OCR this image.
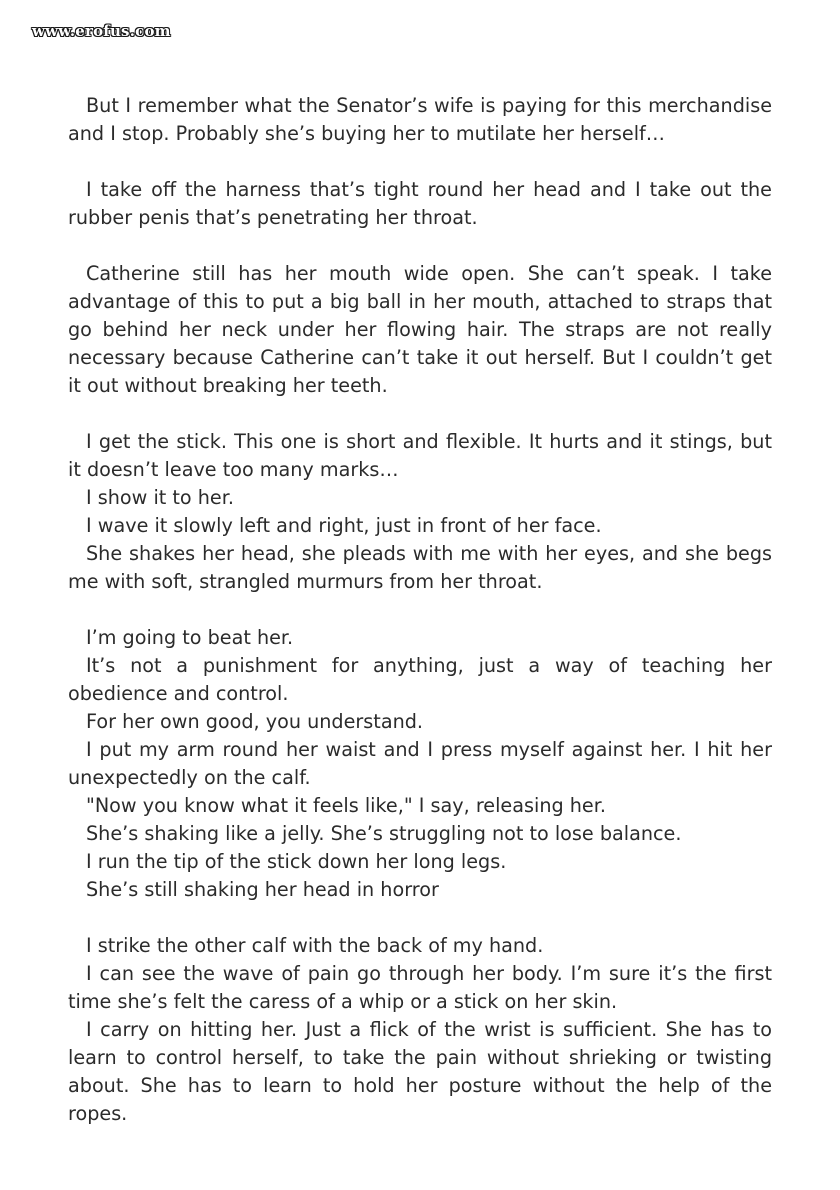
www.erofus.com

But I remember what the Senator’s wife is paying for this merchandise and I stop. Probably she’s buying her to mutilate her herself…

I take off the harness that’s tight round her head and I take out the rubber penis that’s penetrating her throat.

Catherine still has her mouth wide open. She can’t speak. I take advantage of this to put a big ball in her mouth, attached to straps that go behind her neck under her flowing hair. The straps are not really necessary because Catherine can’t take it out herself. But I couldn’t get it out without breaking her teeth.

I get the stick. This one is short and flexible. It hurts and it stings, but it doesn’t leave too many marks…

I show it to her.

I wave it slowly left and right, just in front of her face.

She shakes her head, she pleads with me with her eyes, and she begs me with soft, strangled murmurs from her throat.

I’m going to beat her.

It’s not a punishment for anything, just a way of teaching her obedience and control.

For her own good, you understand.

I put my arm round her waist and I press myself against her. I hit her unexpectedly on the calf.

"Now you know what it feels like," I say, releasing her.

She’s shaking like a jelly. She’s struggling not to lose balance.

I run the tip of the stick down her long legs.

She’s still shaking her head in horror

I strike the other calf with the back of my hand.

I can see the wave of pain go through her body. I’m sure it’s the first time she’s felt the caress of a whip or a stick on her skin.

I carry on hitting her. Just a flick of the wrist is sufficient. She has to learn to control herself, to take the pain without shrieking or twisting about. She has to learn to hold her posture without the help of the ropes.
